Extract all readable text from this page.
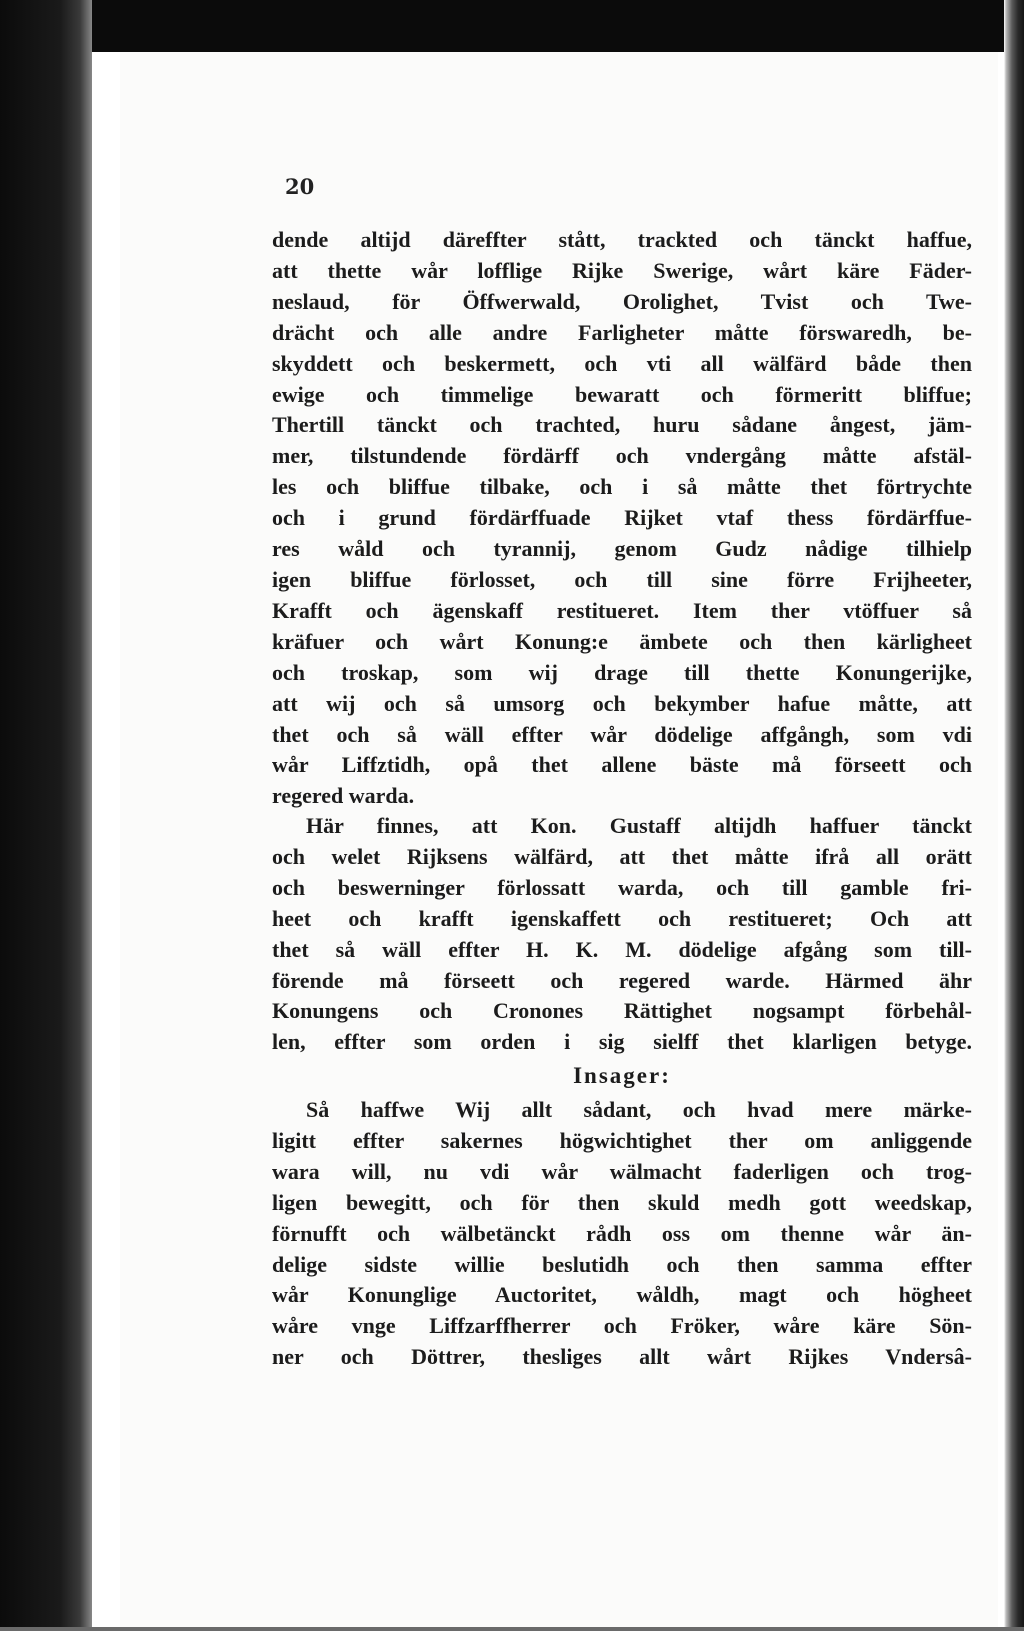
20
dende altijd däreffter stått, trackted och tänckt haffue,
att thette wår lofflige Rijke Swerige, wårt käre Fäder-
neslaud, för Öffwerwald, Orolighet, Tvist och Twe-
drächt och alle andre Farligheter måtte förswaredh, be-
skyddett och beskermett, och vti all wälfärd både then
ewige och timmelige bewaratt och förmeritt bliffue;
Thertill tänckt och trachted, huru sådane ångest, jäm-
mer, tilstundende fördärff och vndergång måtte afstäl-
les och bliffue tilbake, och i så måtte thet förtrychte
och i grund fördärffuade Rijket vtaf thess fördärffue-
res wåld och tyrannij, genom Gudz nådige tilhielp
igen bliffue förlosset, och till sine förre Frijheeter,
Krafft och ägenskaff restitueret. Item ther vtöffuer så
kräfuer och wårt Konung:e ämbete och then kärligheet
och troskap, som wij drage till thette Konungerijke,
att wij och så umsorg och bekymber hafue måtte, att
thet och så wäll effter wår dödelige affgångh, som vdi
wår Liffztidh, opå thet allene bäste må förseett och
regered warda.
Här finnes, att Kon. Gustaff altijdh haffuer tänckt
och welet Rijksens wälfärd, att thet måtte ifrå all orätt
och beswerninger förlossatt warda, och till gamble fri-
heet och krafft igenskaffett och restitueret; Och att
thet så wäll effter H. K. M. dödelige afgång som till-
förende må förseett och regered warde. Härmed ähr
Konungens och Cronones Rättighet nogsampt förbehål-
len, effter som orden i sig sielff thet klarligen betyge.
Insager:
Så haffwe Wij allt sådant, och hvad mere märke-
ligitt effter sakernes högwichtighet ther om anliggende
wara will, nu vdi wår wälmacht faderligen och trog-
ligen bewegitt, och för then skuld medh gott weedskap,
förnufft och wälbetänckt rådh oss om thenne wår än-
delige sidste willie beslutidh och then samma effter
wår Konunglige Auctoritet, wåldh, magt och högheet
wåre vnge Liffzarffherrer och Fröker, wåre käre Sön-
ner och Döttrer, thesliges allt wårt Rijkes Vndersâ-
